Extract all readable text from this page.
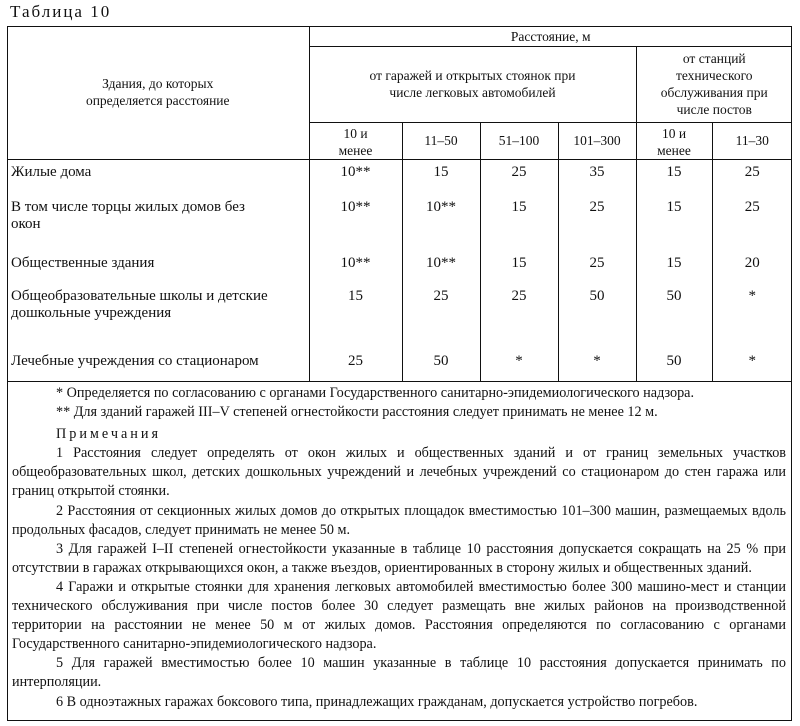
Таблица 10
Здания, до которых определяется расстояние	Расстояние, м					
	от гаражей и открытых стоянок при числе легковых автомобилей				от станций технического обслуживания при числе постов	
	10 и менее	11–50	51–100	101–300	10 и менее	11–30
Жилые дома	10**	15	25	35	15	25
В том числе торцы жилых домов без окон	10**	10**	15	25	15	25
Общественные здания	10**	10**	15	25	15	20
Общеобразовательные школы и детские дошкольные учреждения	15	25	25	50	50	*
Лечебные учреждения со стационаром	25	50	*	*	50	*

* Определяется по согласованию с органами Государственного санитарно-эпидемиологического надзора.

** Для зданий гаражей III–V степеней огнестойкости расстояния следует принимать не менее 12 м.

Примечания

1 Расстояния следует определять от окон жилых и общественных зданий и от границ земельных участков общеобразовательных школ, детских дошкольных учреждений и лечебных учреждений со стационаром до стен гаража или границ открытой стоянки.

2 Расстояния от секционных жилых домов до открытых площадок вместимостью 101–300 машин, размещаемых вдоль продольных фасадов, следует принимать не менее 50 м.

3 Для гаражей I–II степеней огнестойкости указанные в таблице 10 расстояния допускается сокращать на 25 % при отсутствии в гаражах открывающихся окон, а также въездов, ориентированных в сторону жилых и общественных зданий.

4 Гаражи и открытые стоянки для хранения легковых автомобилей вместимостью более 300 машино-мест и станции технического обслуживания при числе постов более 30 следует размещать вне жилых районов на производственной территории на расстоянии не менее 50 м от жилых домов. Расстояния определяются по согласованию с органами Государственного санитарно-эпидемиологического надзора.

5 Для гаражей вместимостью более 10 машин указанные в таблице 10 расстояния допускается принимать по интерполяции.

6 В одноэтажных гаражах боксового типа, принадлежащих гражданам, допускается устройство погребов.
